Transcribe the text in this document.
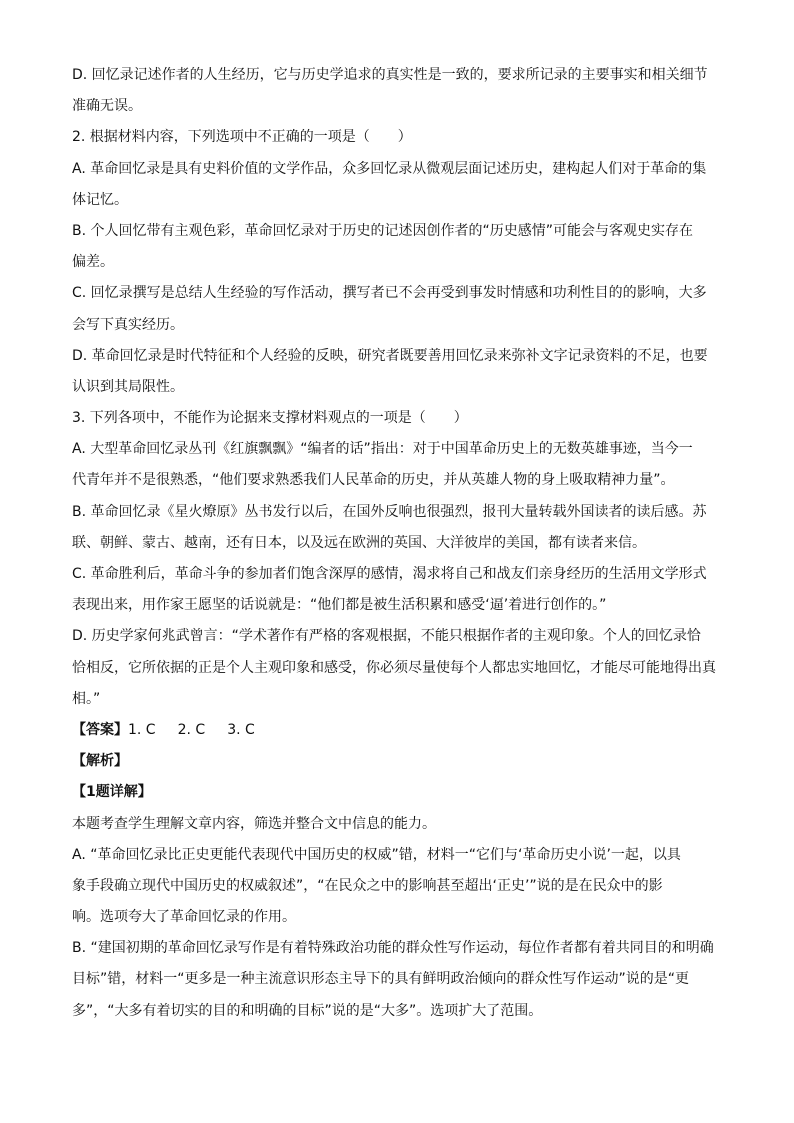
D. 回忆录记述作者的人生经历，它与历史学追求的真实性是一致的，要求所记录的主要事实和相关细节
准确无误。
2. 根据材料内容，下列选项中不正确的一项是（　　）
A. 革命回忆录是具有史料价值的文学作品，众多回忆录从微观层面记述历史，建构起人们对于革命的集
体记忆。
B. 个人回忆带有主观色彩，革命回忆录对于历史的记述因创作者的“历史感情”可能会与客观史实存在
偏差。
C. 回忆录撰写是总结人生经验的写作活动，撰写者已不会再受到事发时情感和功利性目的的影响，大多
会写下真实经历。
D. 革命回忆录是时代特征和个人经验的反映，研究者既要善用回忆录来弥补文字记录资料的不足，也要
认识到其局限性。
3. 下列各项中，不能作为论据来支撑材料观点的一项是（　　）
A. 大型革命回忆录丛刊《红旗飘飘》“编者的话”指出：对于中国革命历史上的无数英雄事迹，当今一
代青年并不是很熟悉，“他们要求熟悉我们人民革命的历史，并从英雄人物的身上吸取精神力量”。
B. 革命回忆录《星火燎原》丛书发行以后，在国外反响也很强烈，报刊大量转载外国读者的读后感。苏
联、朝鲜、蒙古、越南，还有日本，以及远在欧洲的英国、大洋彼岸的美国，都有读者来信。
C. 革命胜利后，革命斗争的参加者们饱含深厚的感情，渴求将自己和战友们亲身经历的生活用文学形式
表现出来，用作家王愿坚的话说就是：“他们都是被生活积累和感受‘逼’着进行创作的。”
D. 历史学家何兆武曾言：“学术著作有严格的客观根据，不能只根据作者的主观印象。个人的回忆录恰
恰相反，它所依据的正是个人主观印象和感受，你必须尽量使每个人都忠实地回忆，才能尽可能地得出真
相。”
【答案】1. C 2. C 3. C
【解析】
【1题详解】
本题考查学生理解文章内容，筛选并整合文中信息的能力。
A. “革命回忆录比正史更能代表现代中国历史的权威”错，材料一“它们与‘革命历史小说’一起，以具
象手段确立现代中国历史的权威叙述”，“在民众之中的影响甚至超出‘正史’”说的是在民众中的影
响。选项夸大了革命回忆录的作用。
B. “建国初期的革命回忆录写作是有着特殊政治功能的群众性写作运动，每位作者都有着共同目的和明确
目标”错，材料一“更多是一种主流意识形态主导下的具有鲜明政治倾向的群众性写作运动”说的是“更
多”，“大多有着切实的目的和明确的目标”说的是“大多”。选项扩大了范围。
